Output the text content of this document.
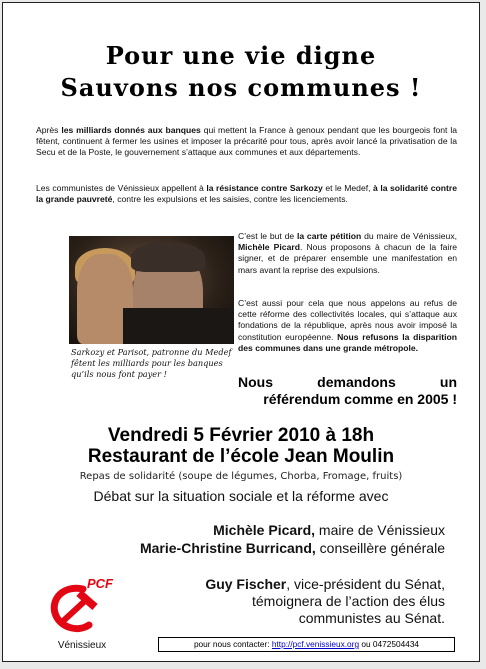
Pour une vie digne
Sauvons nos communes !

Après les milliards donnés aux banques qui mettent la France à genoux pendant que les bourgeois font la fêtent, continuent à fermer les usines et imposer la précarité pour tous, après avoir lancé la privatisation de la Secu et de la Poste, le gouvernement s’attaque aux communes et aux départements.

Les communistes de Vénissieux appellent à la résistance contre Sarkozy et le Medef, à la solidarité contre la grande pauvreté, contre les expulsions et les saisies, contre les licenciements.

Sarkozy et Parisot, patronne du Medef fêtent les milliards pour les banques qu’ils nous font payer !

C’est le but de la carte pétition du maire de Vénissieux, Michèle Picard. Nous proposons à chacun de la faire signer, et de préparer ensemble une manifestation en mars avant la reprise des expulsions.

C’est aussi pour cela que nous appelons au refus de cette réforme des collectivités locales, qui s’attaque aux fondations de la république, après nous avoir imposé la constitution européenne. Nous refusons la disparition des communes dans une grande métropole.

Nous demandons un

référendum comme en 2005 !

Vendredi 5 Février 2010 à 18h
Restaurant de l’école Jean Moulin
Repas de solidarité (soupe de légumes, Chorba, Fromage, fruits)
Débat sur la situation sociale et la réforme avec
Michèle Picard, maire de Vénissieux
Marie-Christine Burricand, conseillère générale
Guy Fischer, vice-président du Sénat,
témoignera de l’action des élus
communistes au Sénat.
PCF
Vénissieux	pour nous contacter: http://pcf.venissieux.org ou 0472504434
